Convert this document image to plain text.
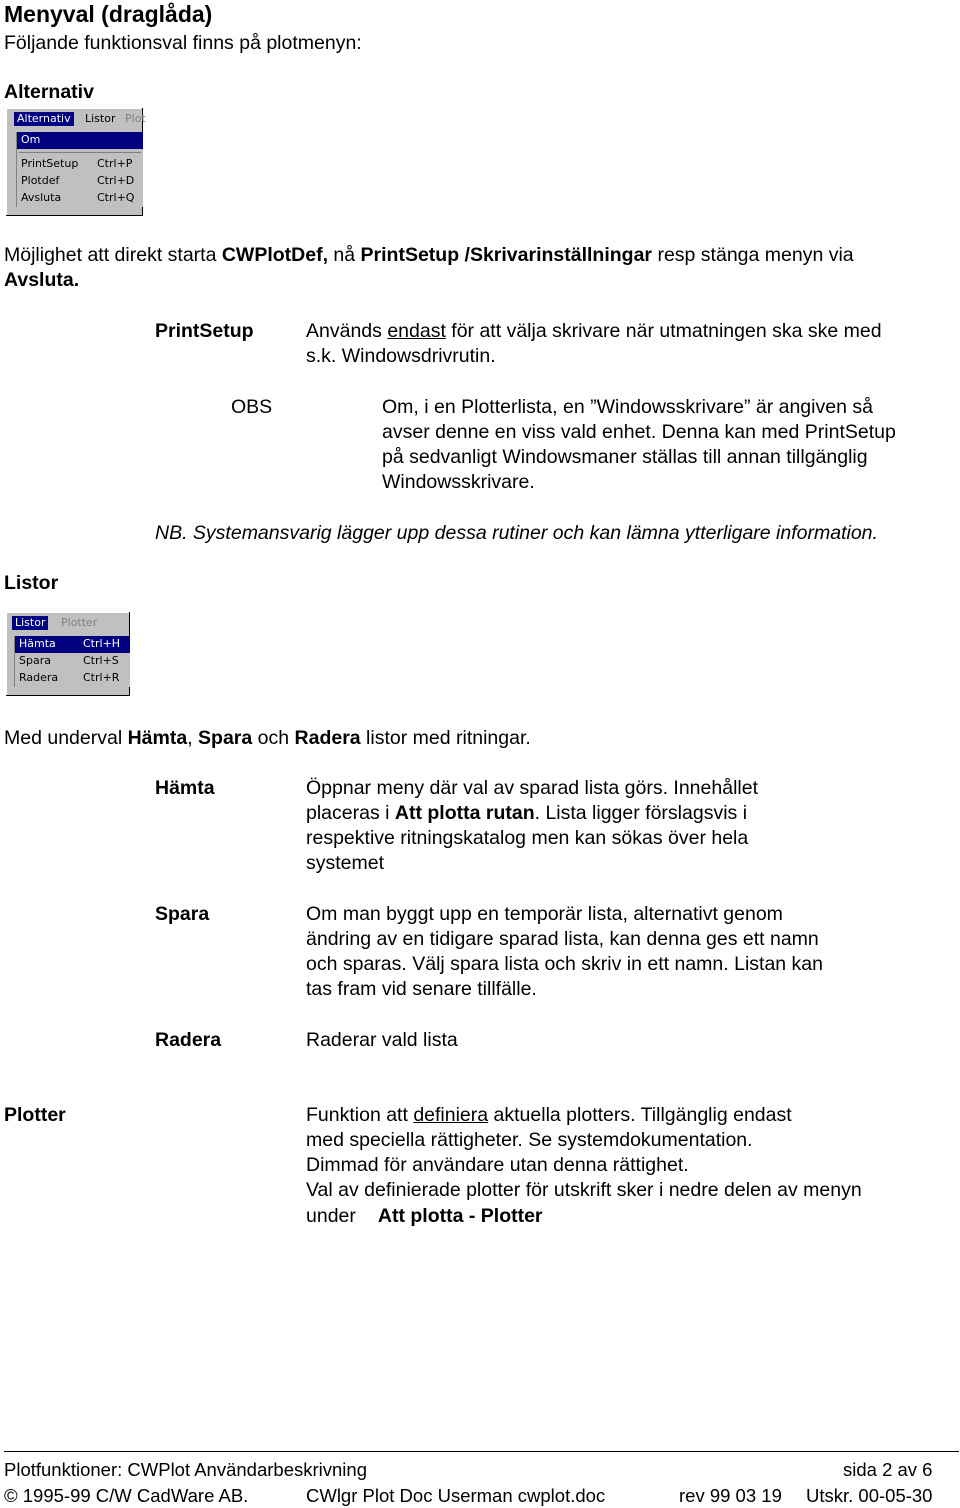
Menyval (draglåda)
Följande funktionsval finns på plotmenyn:
Alternativ
Alternativ Listor Plot
Om
PrintSetup Ctrl+P
Plotdef	Ctrl+D
Avsluta	Ctrl+Q
Möjlighet att direkt starta CWPlotDef, nå PrintSetup /Skrivarinställningar resp stänga menyn via
Avsluta.
PrintSetup	Används endast för att välja skrivare när utmatningen ska ske med
s.k. Windowsdrivrutin.
OBS	Om, i en Plotterlista, en ”Windowsskrivare” är angiven så
avser denne en viss vald enhet. Denna kan med PrintSetup
på sedvanligt Windowsmaner ställas till annan tillgänglig
Windowsskrivare.
NB. Systemansvarig lägger upp dessa rutiner och kan lämna ytterligare information.
Listor
Listor Plotter
Hämta Ctrl+H
Spara	Ctrl+S
Radera Ctrl+R
Med underval Hämta, Spara och Radera listor med ritningar.
Hämta	Öppnar meny där val av sparad lista görs. Innehållet
placeras i Att plotta rutan. Lista ligger förslagsvis i
respektive ritningskatalog men kan sökas över hela
systemet
Spara	Om man byggt upp en temporär lista, alternativt genom
ändring av en tidigare sparad lista, kan denna ges ett namn
och sparas. Välj spara lista och skriv in ett namn. Listan kan
tas fram vid senare tillfälle.
Radera	Raderar vald lista
Plotter	Funktion att definiera aktuella plotters. Tillgänglig endast
med speciella rättigheter. Se systemdokumentation.
Dimmad för användare utan denna rättighet.
Val av definierade plotter för utskrift sker i nedre delen av menyn
under Att plotta - Plotter
Plotfunktioner: CWPlot Användarbeskrivning	sida 2 av 6
© 1995-99 C/W CadWare AB.	CWlgr Plot Doc Userman cwplot.doc	rev 99 03 19 Utskr. 00-05-30
